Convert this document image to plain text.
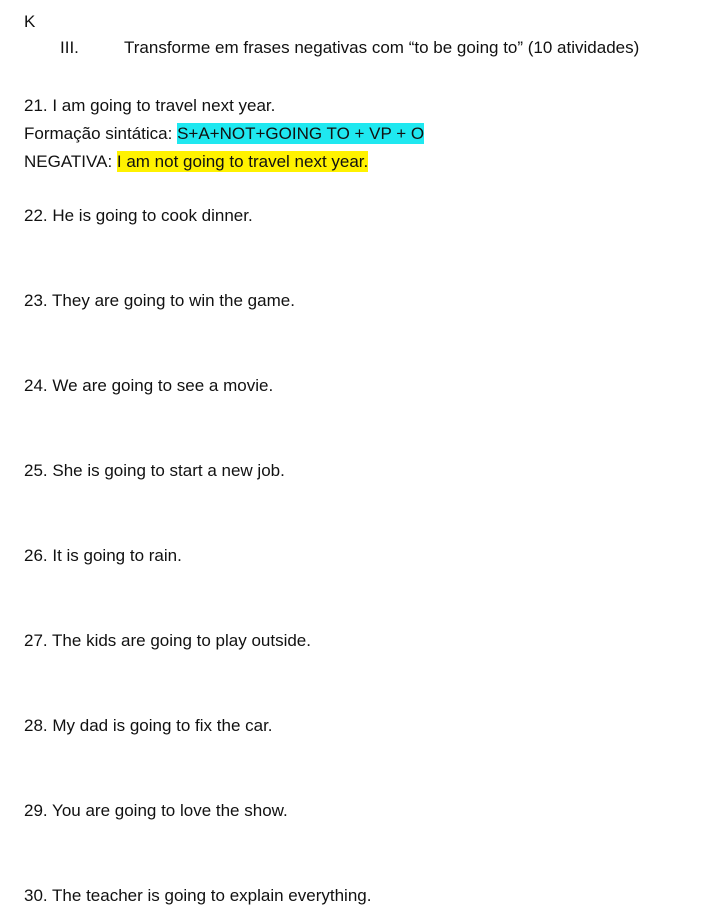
K
III.	Transforme em frases negativas com “to be going to” (10 atividades)
21. I am going to travel next year.
Formação sintática: S+A+NOT+GOING TO + VP + O
NEGATIVA: I am not going to travel next year.
22. He is going to cook dinner.
23. They are going to win the game.
24. We are going to see a movie.
25. She is going to start a new job.
26. It is going to rain.
27. The kids are going to play outside.
28. My dad is going to fix the car.
29. You are going to love the show.
30. The teacher is going to explain everything.
